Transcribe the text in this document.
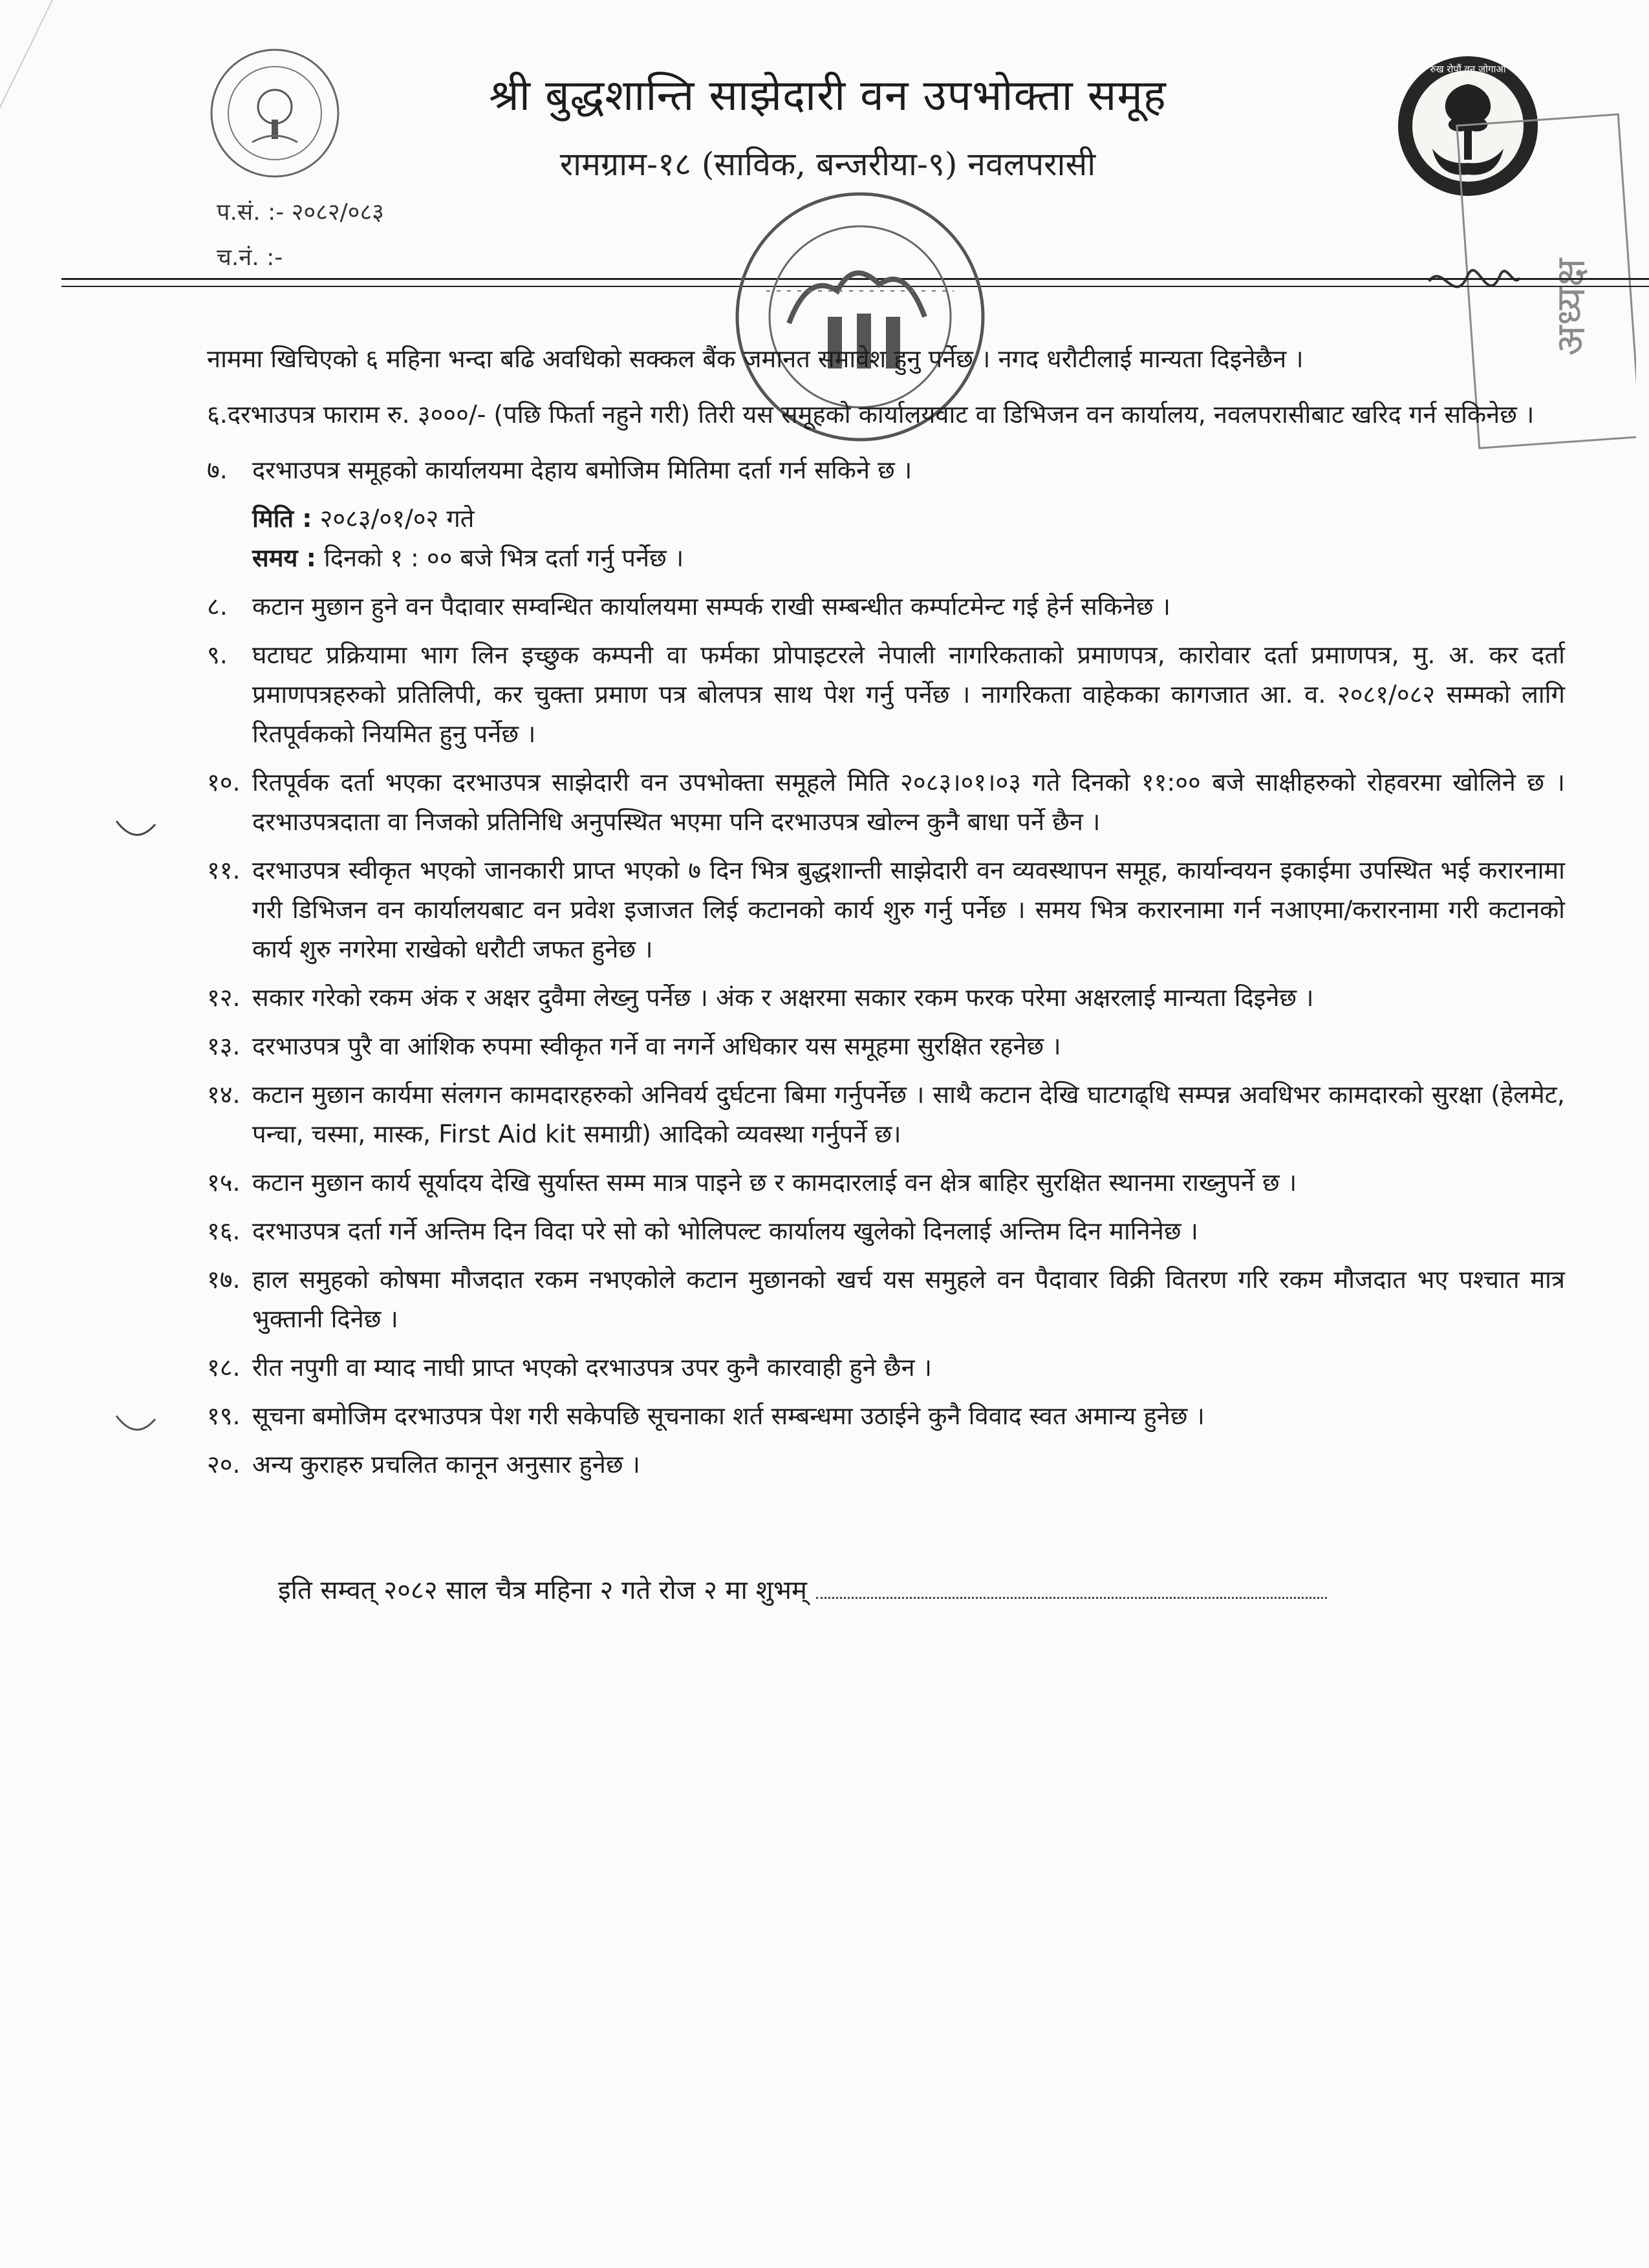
श्री बुद्धशान्ति साझेदारी वन उपभोक्ता समूह
रामग्राम-१८ (साविक, बन्जरीया-९) नवलपरासी
रुख रोपौं,वन जोगाऔं
अध्यक्ष
प.सं. :- २०८२/०८३
च.नं. :-

नाममा खिचिएको ६ महिना भन्दा बढि अवधिको सक्कल बैंक जमानत समावेश हुनु पर्नेछ । नगद धरौटीलाई मान्यता दिइनेछैन ।

६.दरभाउपत्र फाराम रु. ३०००/- (पछि फिर्ता नहुने गरी) तिरी यस समूहको कार्यालयवाट वा डिभिजन वन कार्यालय, नवलपरासीबाट खरिद गर्न सकिनेछ ।

७.	दरभाउपत्र समूहको कार्यालयमा देहाय बमोजिम मितिमा दर्ता गर्न सकिने छ ।
मिति : २०८३/०१/०२ गते
समय : दिनको १ : ०० बजे भित्र दर्ता गर्नु पर्नेछ ।
८.	कटान मुछान हुने वन पैदावार सम्वन्धित कार्यालयमा सम्पर्क राखी सम्बन्धीत कर्म्पाटमेन्ट गई हेर्न सकिनेछ ।
९.	घटाघट प्रक्रियामा भाग लिन इच्छुक कम्पनी वा फर्मका प्रोपाइटरले नेपाली नागरिकताको प्रमाणपत्र, कारोवार दर्ता प्रमाणपत्र, मु. अ. कर दर्ता प्रमाणपत्रहरुको प्रतिलिपी, कर चुक्ता प्रमाण पत्र बोलपत्र साथ पेश गर्नु पर्नेछ । नागरिकता वाहेकका कागजात आ. व. २०८१/०८२ सम्मको लागि रितपूर्वकको नियमित हुनु पर्नेछ ।
१०. रितपूर्वक दर्ता भएका दरभाउपत्र साझेदारी वन उपभोक्ता समूहले मिति २०८३।०१।०३ गते दिनको ११:०० बजे साक्षीहरुको रोहवरमा खोलिने छ । दरभाउपत्रदाता वा निजको प्रतिनिधि अनुपस्थित भएमा पनि दरभाउपत्र खोल्न कुनै बाधा पर्ने छैन ।
११. दरभाउपत्र स्वीकृत भएको जानकारी प्राप्त भएको ७ दिन भित्र बुद्धशान्ती साझेदारी वन व्यवस्थापन समूह, कार्यान्वयन इकाईमा उपस्थित भई करारनामा गरी डिभिजन वन कार्यालयबाट वन प्रवेश इजाजत लिई कटानको कार्य शुरु गर्नु पर्नेछ । समय भित्र करारनामा गर्न नआएमा/करारनामा गरी कटानको कार्य शुरु नगरेमा राखेको धरौटी जफत हुनेछ ।
१२. सकार गरेको रकम अंक र अक्षर दुवैमा लेख्नु पर्नेछ । अंक र अक्षरमा सकार रकम फरक परेमा अक्षरलाई मान्यता दिइनेछ ।
१३. दरभाउपत्र पुरै वा आंशिक रुपमा स्वीकृत गर्ने वा नगर्ने अधिकार यस समूहमा सुरक्षित रहनेछ ।
१४. कटान मुछान कार्यमा संलगन कामदारहरुको अनिवर्य दुर्घटना बिमा गर्नुपर्नेछ । साथै कटान देखि घाटगढ्धि सम्पन्न अवधिभर कामदारको सुरक्षा (हेलमेट, पन्चा, चस्मा, मास्क, First Aid kit समाग्री) आदिको व्यवस्था गर्नुपर्ने छ।
१५. कटान मुछान कार्य सूर्यादय देखि सुर्यास्त सम्म मात्र पाइने छ र कामदारलाई वन क्षेत्र बाहिर सुरक्षित स्थानमा राख्नुपर्ने छ ।
१६. दरभाउपत्र दर्ता गर्ने अन्तिम दिन विदा परे सो को भोलिपल्ट कार्यालय खुलेको दिनलाई अन्तिम दिन मानिनेछ ।
१७. हाल समुहको कोषमा मौजदात रकम नभएकोले कटान मुछानको खर्च यस समुहले वन पैदावार विक्री वितरण गरि रकम मौजदात भए पश्चात मात्र भुक्तानी दिनेछ ।
१८. रीत नपुगी वा म्याद नाघी प्राप्त भएको दरभाउपत्र उपर कुनै कारवाही हुने छैन ।
१९. सूचना बमोजिम दरभाउपत्र पेश गरी सकेपछि सूचनाका शर्त सम्बन्धमा उठाईने कुनै विवाद स्वत अमान्य हुनेछ ।
२०. अन्य कुराहरु प्रचलित कानून अनुसार हुनेछ ।
इति सम्वत् २०८२ साल चैत्र महिना २ गते रोज २ मा शुभम्
